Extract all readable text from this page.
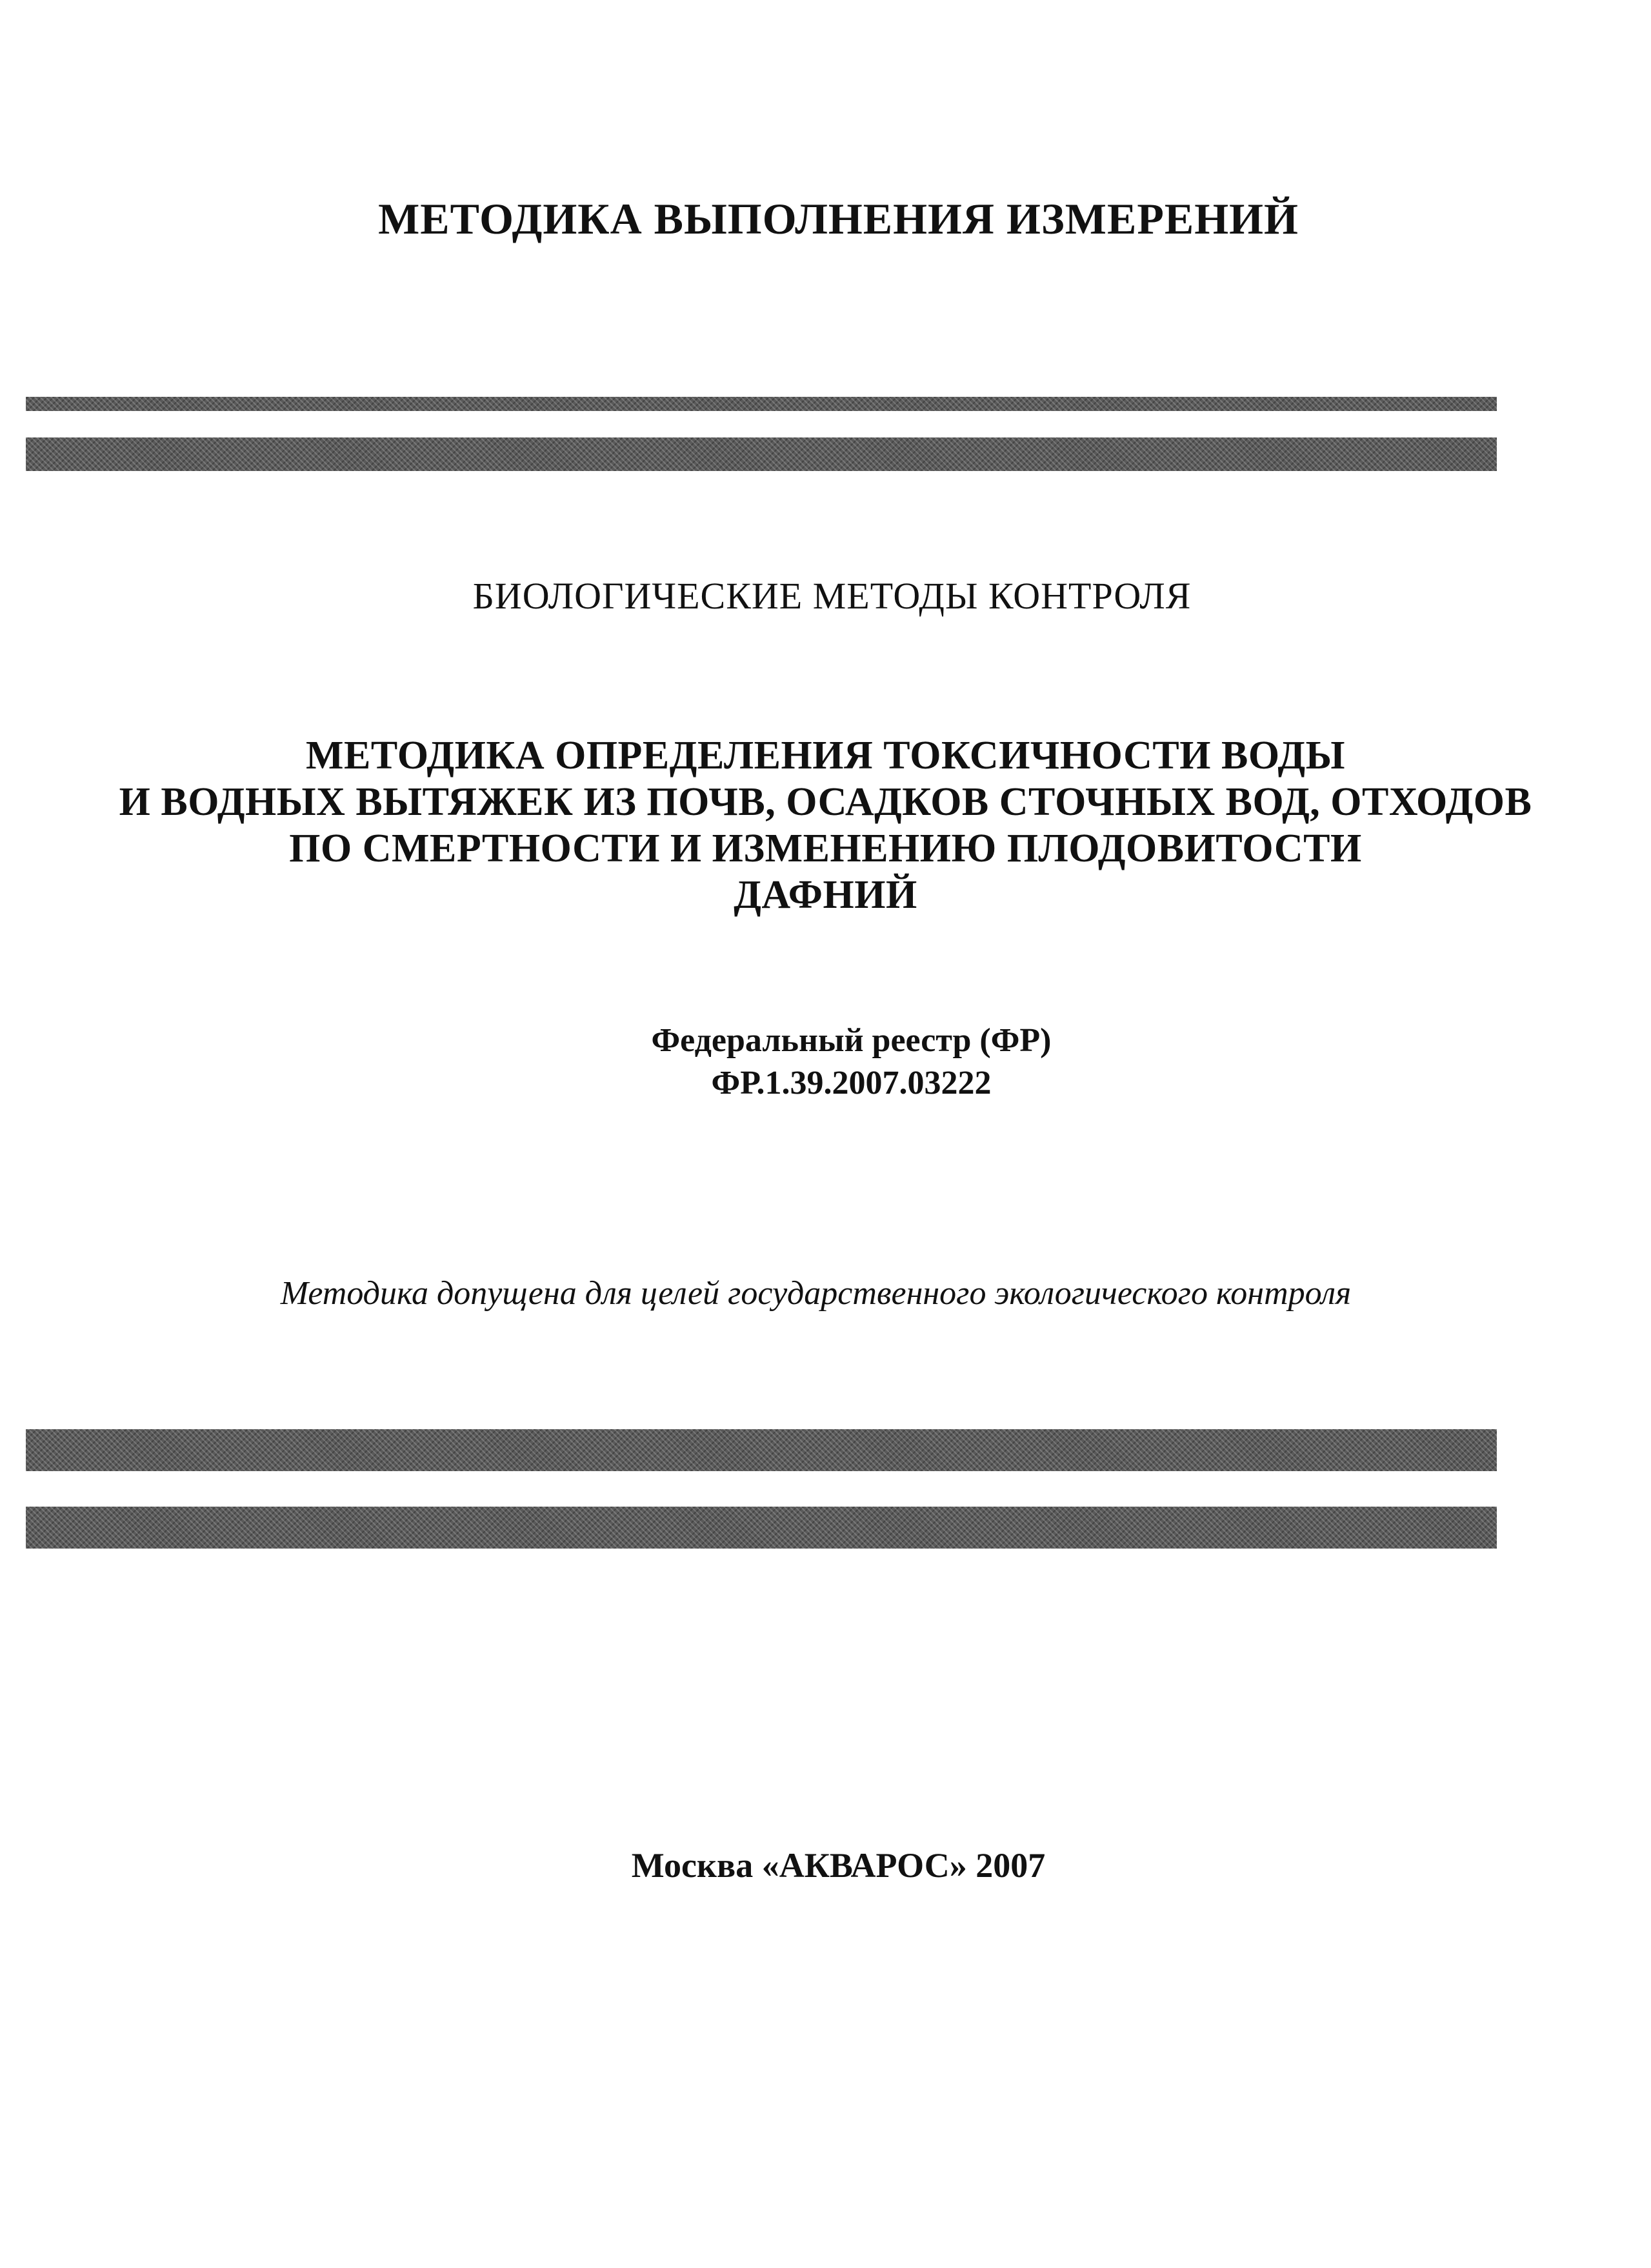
МЕТОДИКА ВЫПОЛНЕНИЯ ИЗМЕРЕНИЙ
БИОЛОГИЧЕСКИЕ МЕТОДЫ КОНТРОЛЯ
МЕТОДИКА ОПРЕДЕЛЕНИЯ ТОКСИЧНОСТИ ВОДЫ
И ВОДНЫХ ВЫТЯЖЕК ИЗ ПОЧВ, ОСАДКОВ СТОЧНЫХ ВОД, ОТХОДОВ
ПО СМЕРТНОСТИ И ИЗМЕНЕНИЮ ПЛОДОВИТОСТИ
ДАФНИЙ
Федеральный реестр (ФР)
ФР.1.39.2007.03222

Методика допущена для целей государственного экологического контроля

Москва «АКВАРОС» 2007
